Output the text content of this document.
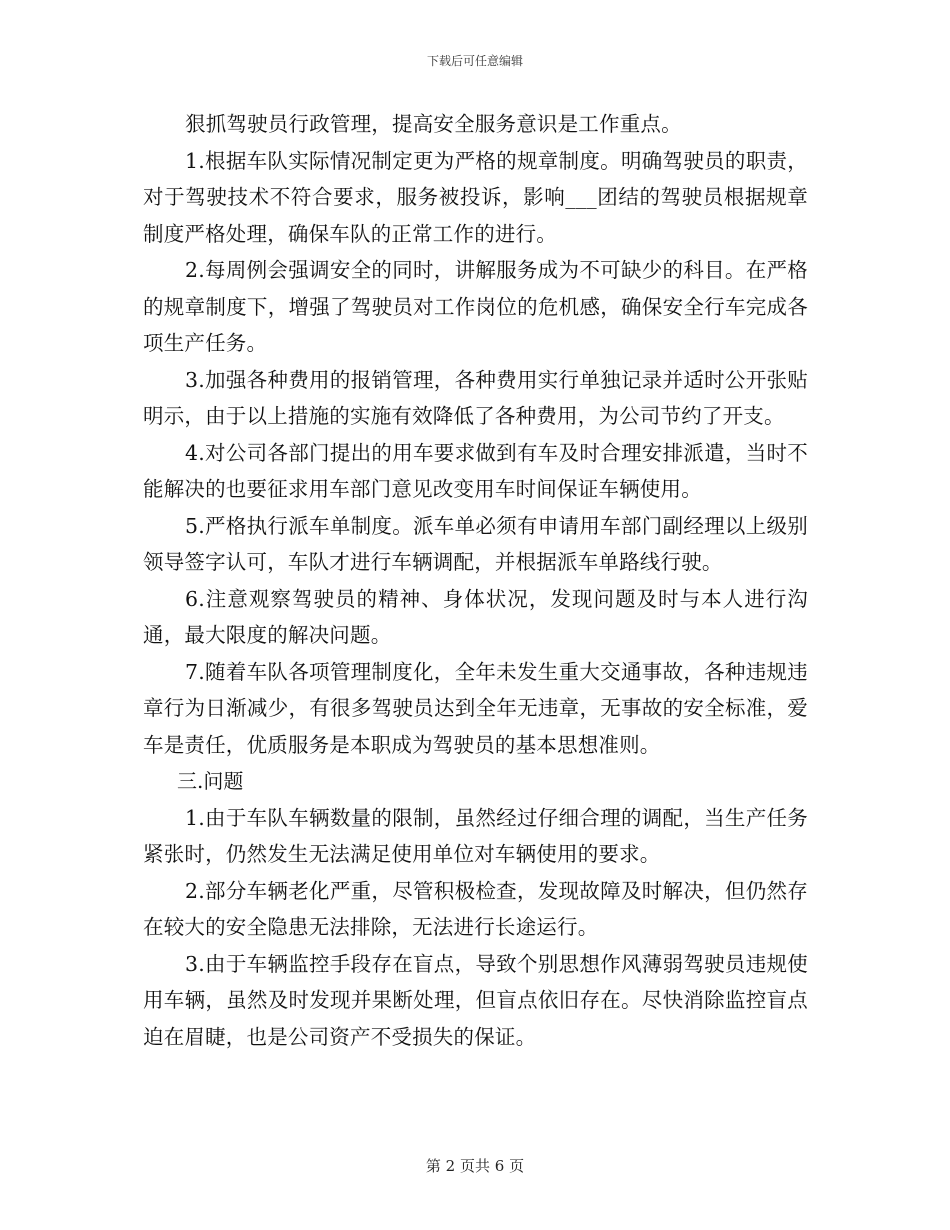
下载后可任意编辑

狠抓驾驶员行政管理，提高安全服务意识是工作重点。

1.根据车队实际情况制定更为严格的规章制度。明确驾驶员的职责，对于驾驶技术不符合要求，服务被投诉，影响___团结的驾驶员根据规章制度严格处理，确保车队的正常工作的进行。

2.每周例会强调安全的同时，讲解服务成为不可缺少的科目。在严格的规章制度下，增强了驾驶员对工作岗位的危机感，确保安全行车完成各项生产任务。

3.加强各种费用的报销管理，各种费用实行单独记录并适时公开张贴明示，由于以上措施的实施有效降低了各种费用，为公司节约了开支。

4.对公司各部门提出的用车要求做到有车及时合理安排派遣，当时不能解决的也要征求用车部门意见改变用车时间保证车辆使用。

5.严格执行派车单制度。派车单必须有申请用车部门副经理以上级别领导签字认可，车队才进行车辆调配，并根据派车单路线行驶。

6.注意观察驾驶员的精神、身体状况，发现问题及时与本人进行沟通，最大限度的解决问题。

7.随着车队各项管理制度化，全年未发生重大交通事故，各种违规违章行为日渐减少，有很多驾驶员达到全年无违章，无事故的安全标准，爱车是责任，优质服务是本职成为驾驶员的基本思想准则。

三.问题

1.由于车队车辆数量的限制，虽然经过仔细合理的调配，当生产任务紧张时，仍然发生无法满足使用单位对车辆使用的要求。

2.部分车辆老化严重，尽管积极检查，发现故障及时解决，但仍然存在较大的安全隐患无法排除，无法进行长途运行。

3.由于车辆监控手段存在盲点，导致个别思想作风薄弱驾驶员违规使用车辆，虽然及时发现并果断处理，但盲点依旧存在。尽快消除监控盲点迫在眉睫，也是公司资产不受损失的保证。

第 2 页共 6 页
